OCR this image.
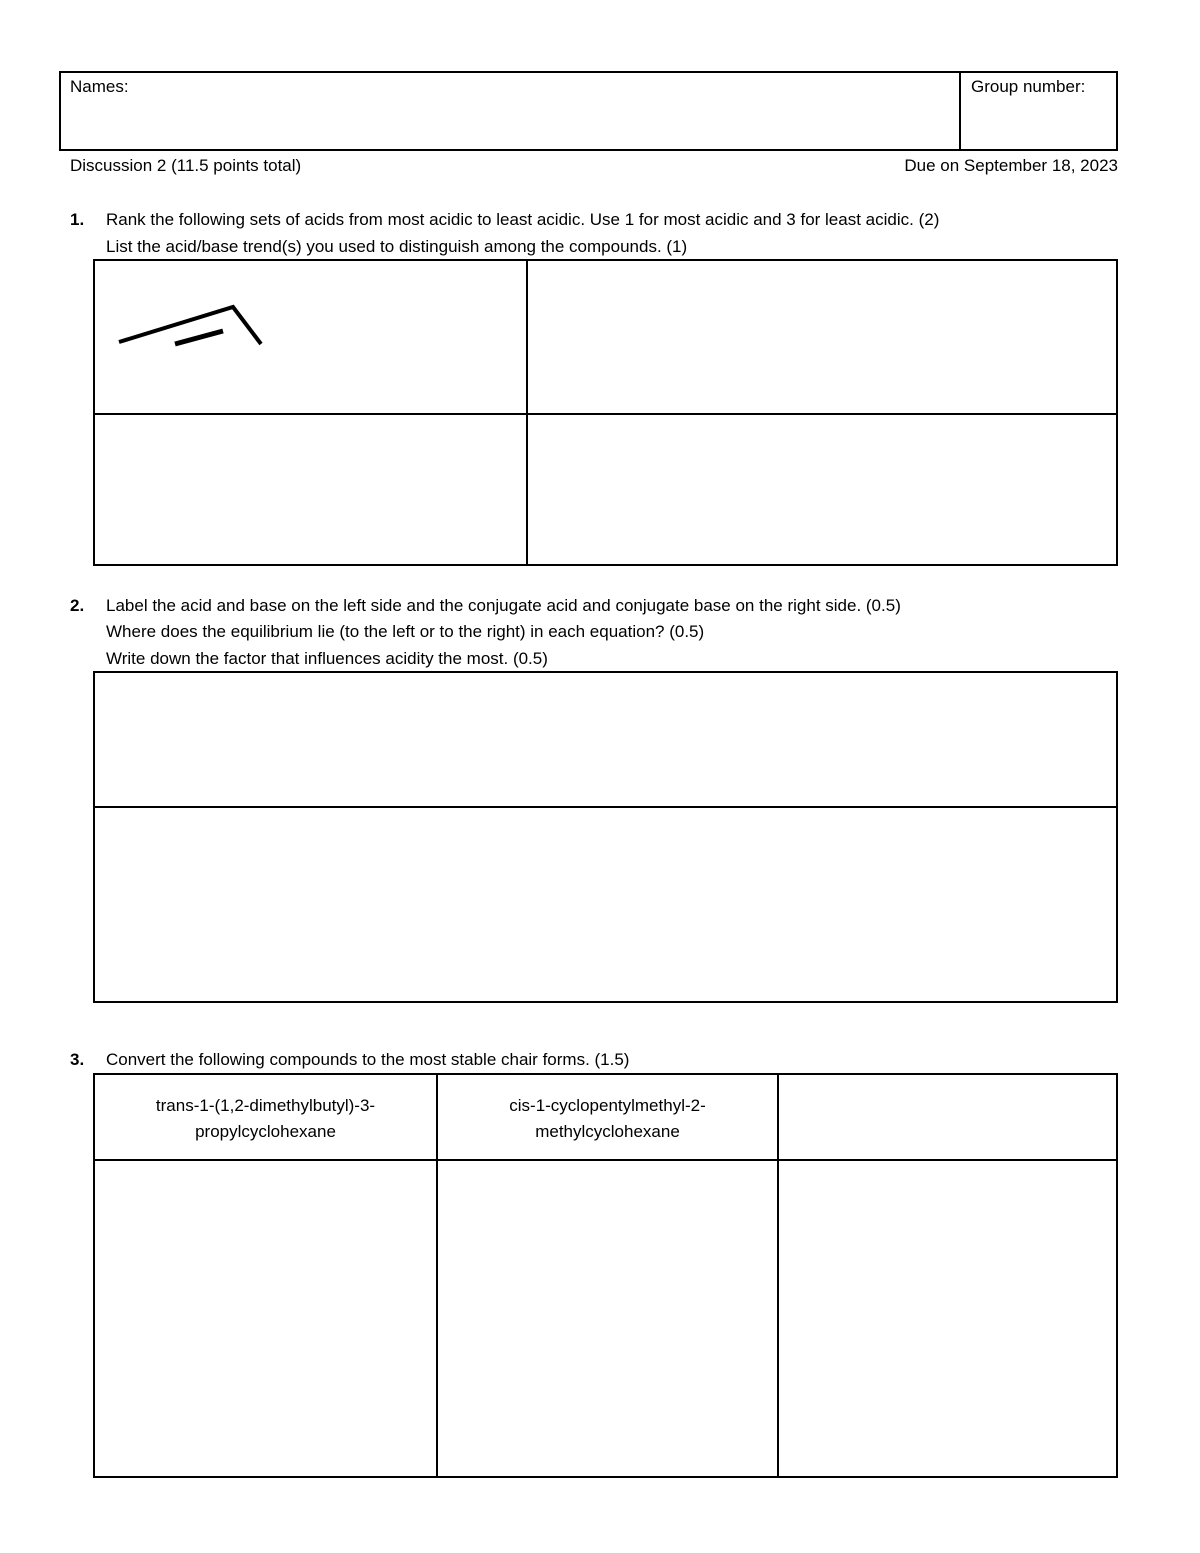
Names:	Group number:
Discussion 2 (11.5 points total)	Due on September 18, 2023
1. Rank the following sets of acids from most acidic to least acidic. Use 1 for most acidic and 3 for least acidic. (2)
List the acid/base trend(s) you used to distinguish among the compounds. (1)
2. Label the acid and base on the left side and the conjugate acid and conjugate base on the right side. (0.5)
Where does the equilibrium lie (to the left or to the right) in each equation? (0.5)
Write down the factor that influences acidity the most. (0.5)
3. Convert the following compounds to the most stable chair forms. (1.5)
trans-1-(1,2-dimethylbutyl)-3-
propylcyclohexane
cis-1-cyclopentylmethyl-2-
methylcyclohexane
